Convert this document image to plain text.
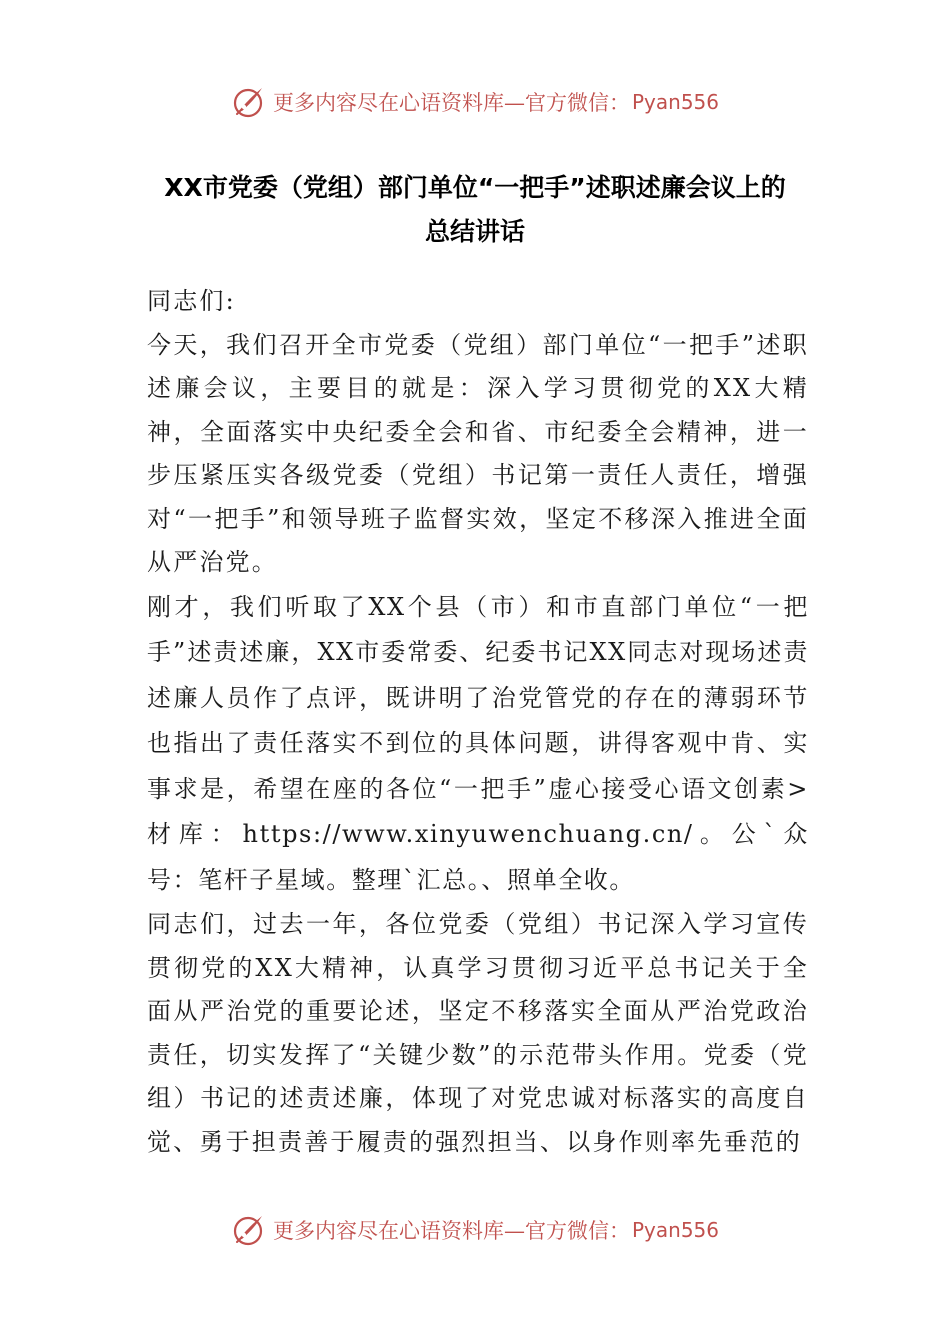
更多内容尽在心语资料库 —官方微信： Pyan556
XX市党委（党组）部门单位“一把手”述职述廉会议上的
总结讲话

同志们:

今天，我们召开全市党委（党组）部门单位“一把手”述职述廉会议，主要目的就是：深入学习贯彻党的XX大精神，全面落实中央纪委全会和省、市纪委全会精神，进一步压紧压实各级党委（党组）书记第一责任人责任，增强对“一把手”和领导班子监督实效，坚定不移深入推进全面从严治党。

刚才，我们听取了XX个县（市）和市直部门单位“一把手”述责述廉，XX市委常委、纪委书记XX同志对现场述责述廉人员作了点评，既讲明了治党管党的存在的薄弱环节也指出了责任落实不到位的具体问题，讲得客观中肯、实事求是，希望在座的各位“一把手”虚心接受心语文创素>材库：https://www.xinyuwenchuang.cn/。公`众号：笔杆子星域。整理`汇总。、照单全收。

同志们，过去一年，各位党委（党组）书记深入学习宣传贯彻党的XX大精神，认真学习贯彻习近平总书记关于全面从严治党的重要论述，坚定不移落实全面从严治党政治责任，切实发挥了“关键少数”的示范带头作用。党委（党组）书记的述责述廉，体现了对党忠诚对标落实的高度自觉、勇于担责善于履责的强烈担当、以身作则率先垂范的

更多内容尽在心语资料库 —官方微信： Pyan556
